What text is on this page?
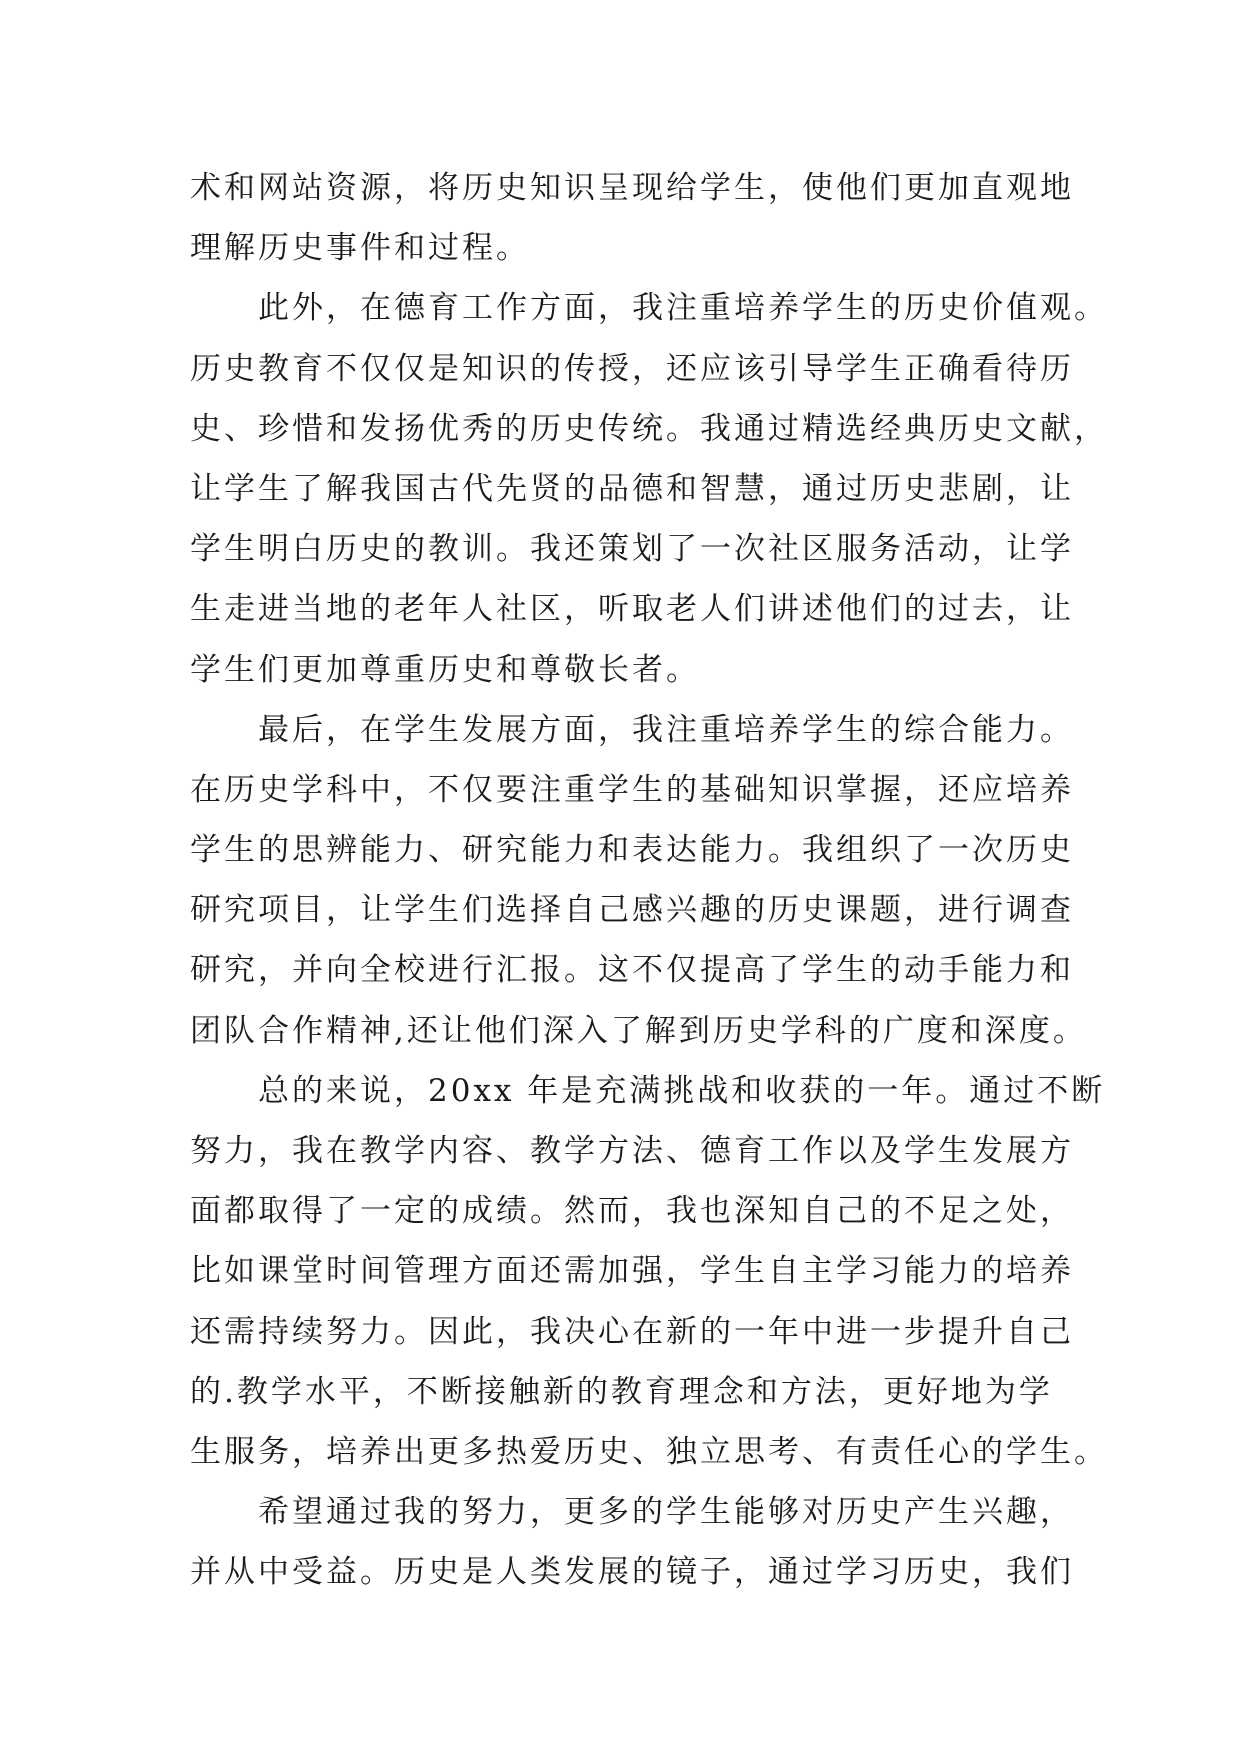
术和网站资源，将历史知识呈现给学生，使他们更加直观地
理解历史事件和过程。
此外，在德育工作方面，我注重培养学生的历史价值观。
历史教育不仅仅是知识的传授，还应该引导学生正确看待历
史、珍惜和发扬优秀的历史传统。我通过精选经典历史文献，
让学生了解我国古代先贤的品德和智慧，通过历史悲剧，让
学生明白历史的教训。我还策划了一次社区服务活动，让学
生走进当地的老年人社区，听取老人们讲述他们的过去，让
学生们更加尊重历史和尊敬长者。
最后，在学生发展方面，我注重培养学生的综合能力。
在历史学科中，不仅要注重学生的基础知识掌握，还应培养
学生的思辨能力、研究能力和表达能力。我组织了一次历史
研究项目，让学生们选择自己感兴趣的历史课题，进行调查
研究，并向全校进行汇报。这不仅提高了学生的动手能力和
团队合作精神,还让他们深入了解到历史学科的广度和深度。
总的来说，20xx 年是充满挑战和收获的一年。通过不断
努力，我在教学内容、教学方法、德育工作以及学生发展方
面都取得了一定的成绩。然而，我也深知自己的不足之处，
比如课堂时间管理方面还需加强，学生自主学习能力的培养
还需持续努力。因此，我决心在新的一年中进一步提升自己
的.教学水平，不断接触新的教育理念和方法，更好地为学
生服务，培养出更多热爱历史、独立思考、有责任心的学生。
希望通过我的努力，更多的学生能够对历史产生兴趣，
并从中受益。历史是人类发展的镜子，通过学习历史，我们
